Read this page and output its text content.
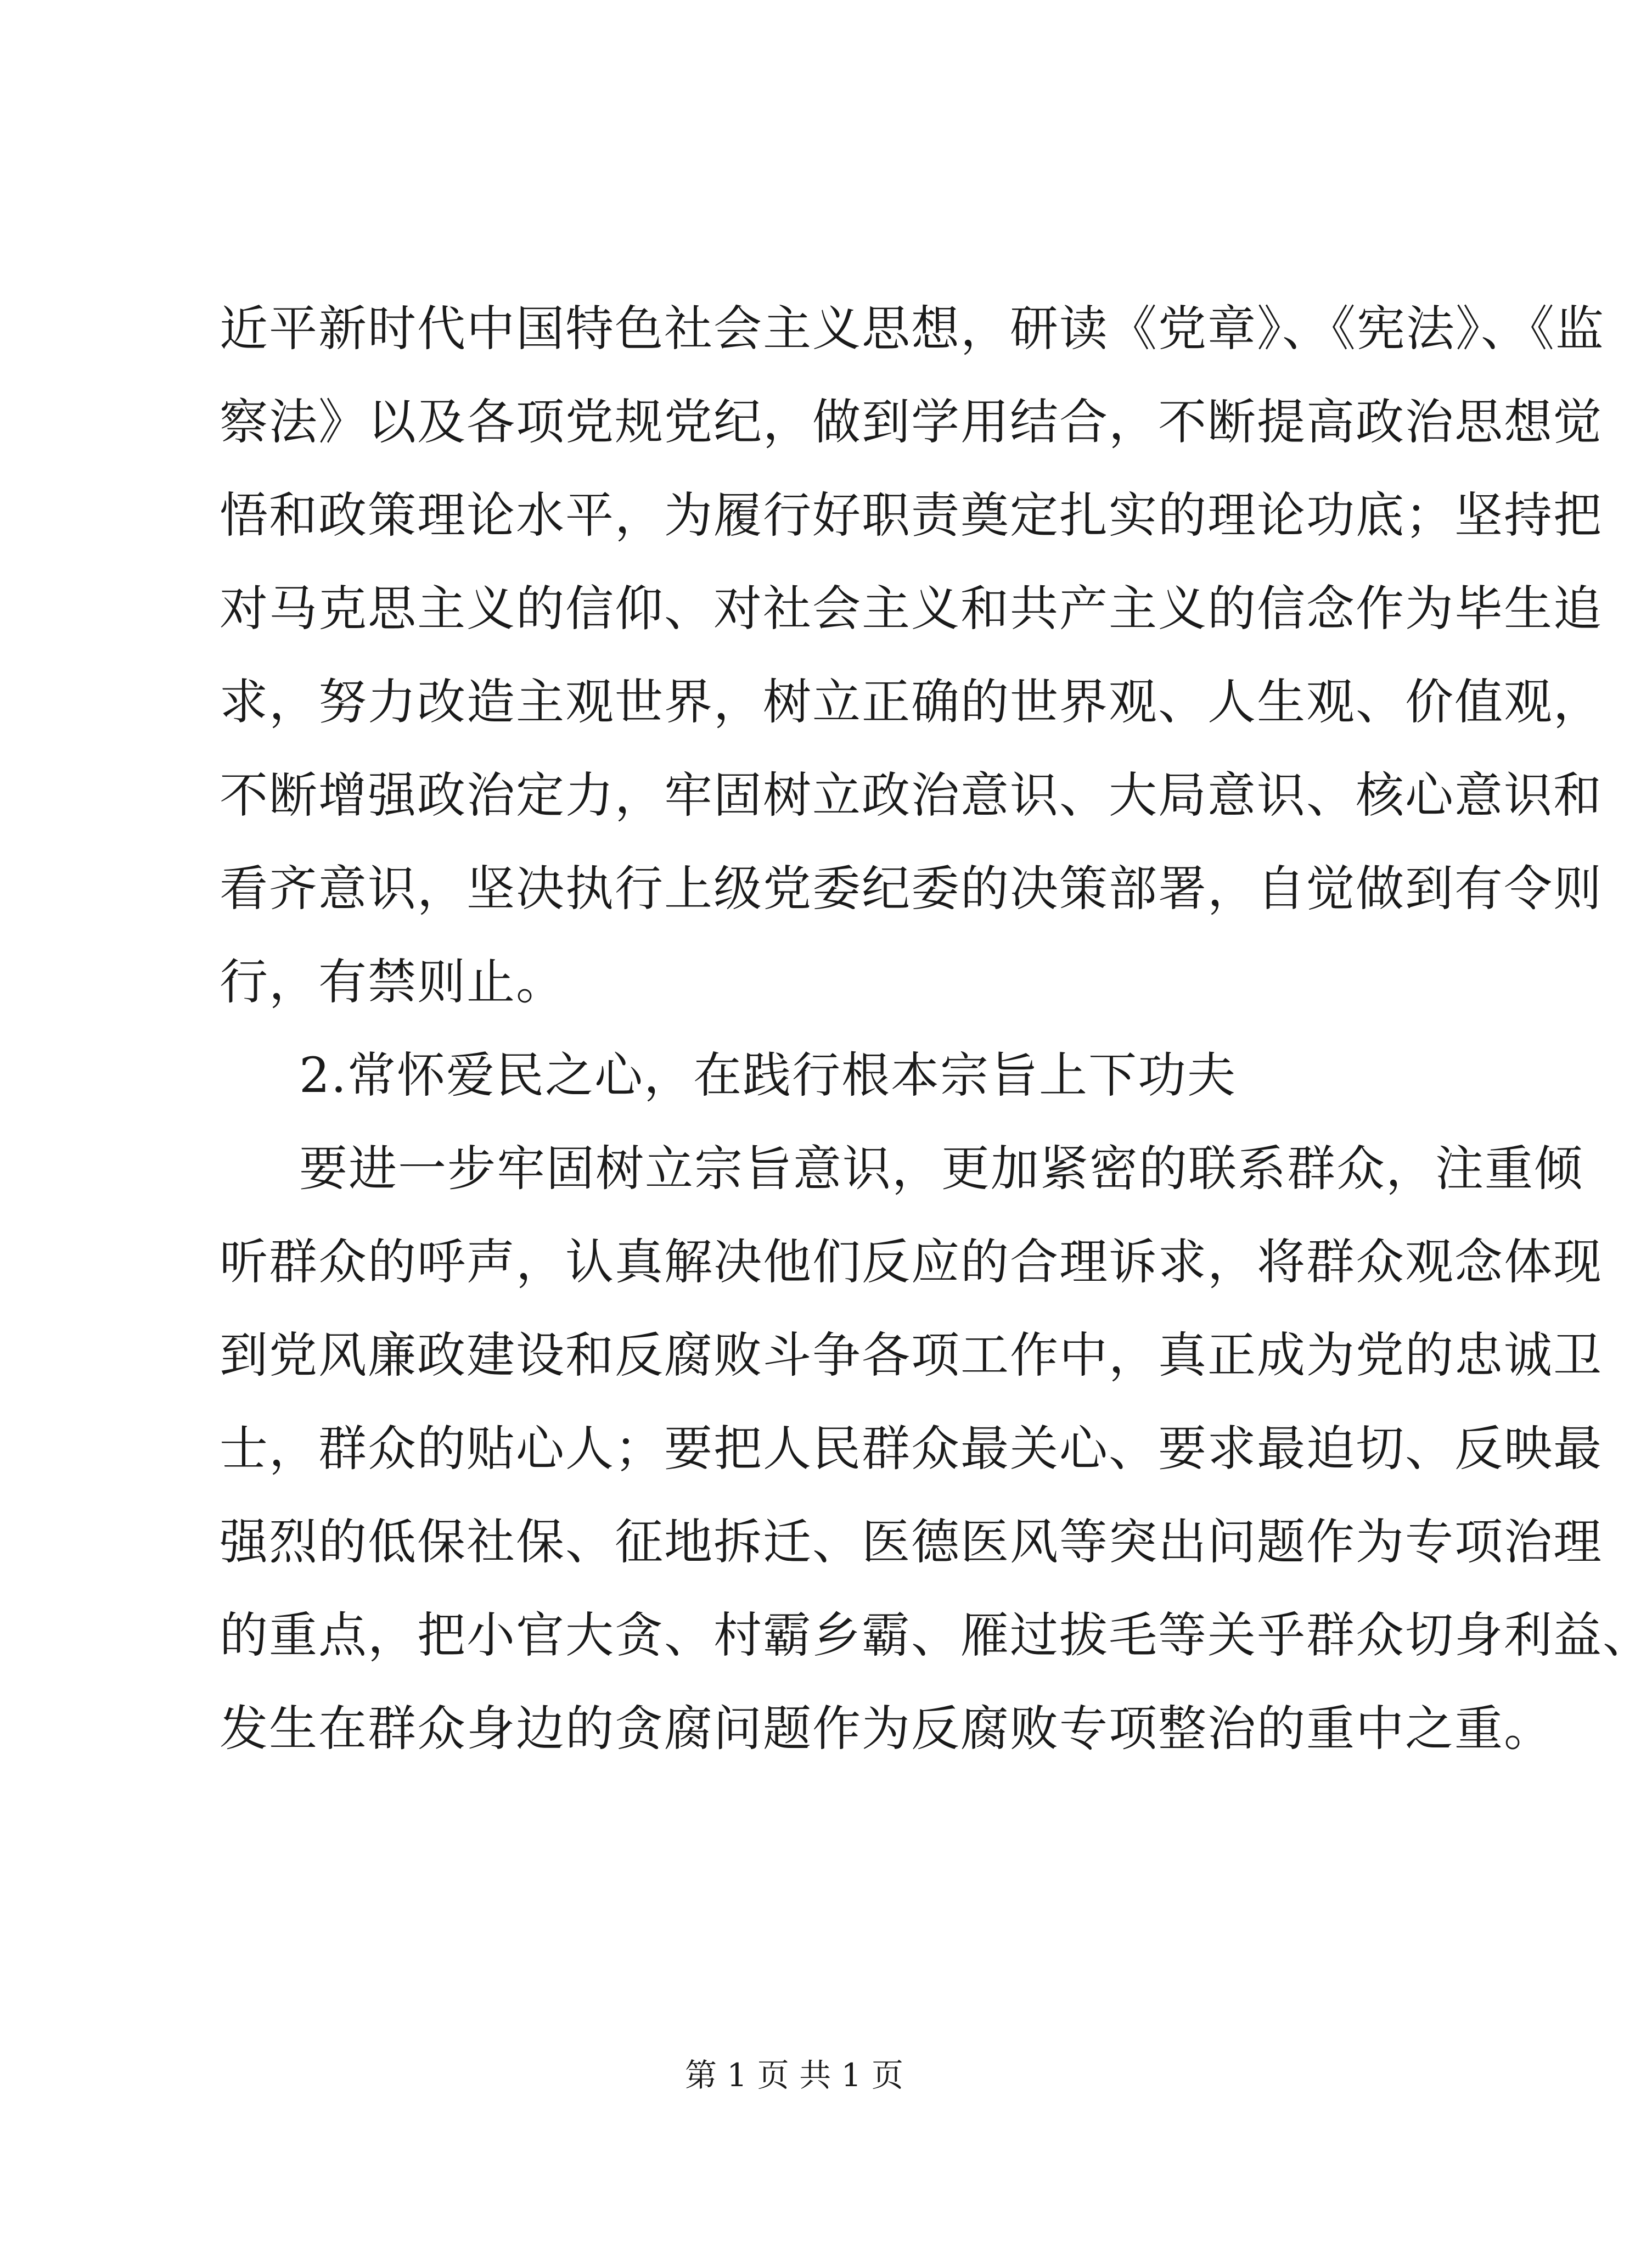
近平新时代中国特色社会主义思想，研读《党章》、《宪法》、《监
察法》以及各项党规党纪，做到学用结合，不断提高政治思想觉
悟和政策理论水平，为履行好职责奠定扎实的理论功底；坚持把
对马克思主义的信仰、对社会主义和共产主义的信念作为毕生追
求，努力改造主观世界，树立正确的世界观、人生观、价值观，
不断增强政治定力，牢固树立政治意识、大局意识、核心意识和
看齐意识，坚决执行上级党委纪委的决策部署，自觉做到有令则
行，有禁则止。
2.常怀爱民之心，在践行根本宗旨上下功夫
要进一步牢固树立宗旨意识，更加紧密的联系群众，注重倾
听群众的呼声，认真解决他们反应的合理诉求，将群众观念体现
到党风廉政建设和反腐败斗争各项工作中，真正成为党的忠诚卫
士，群众的贴心人；要把人民群众最关心、要求最迫切、反映最
强烈的低保社保、征地拆迁、医德医风等突出问题作为专项治理
的重点，把小官大贪、村霸乡霸、雁过拔毛等关乎群众切身利益、
发生在群众身边的贪腐问题作为反腐败专项整治的重中之重。
第 1 页 共 1 页
